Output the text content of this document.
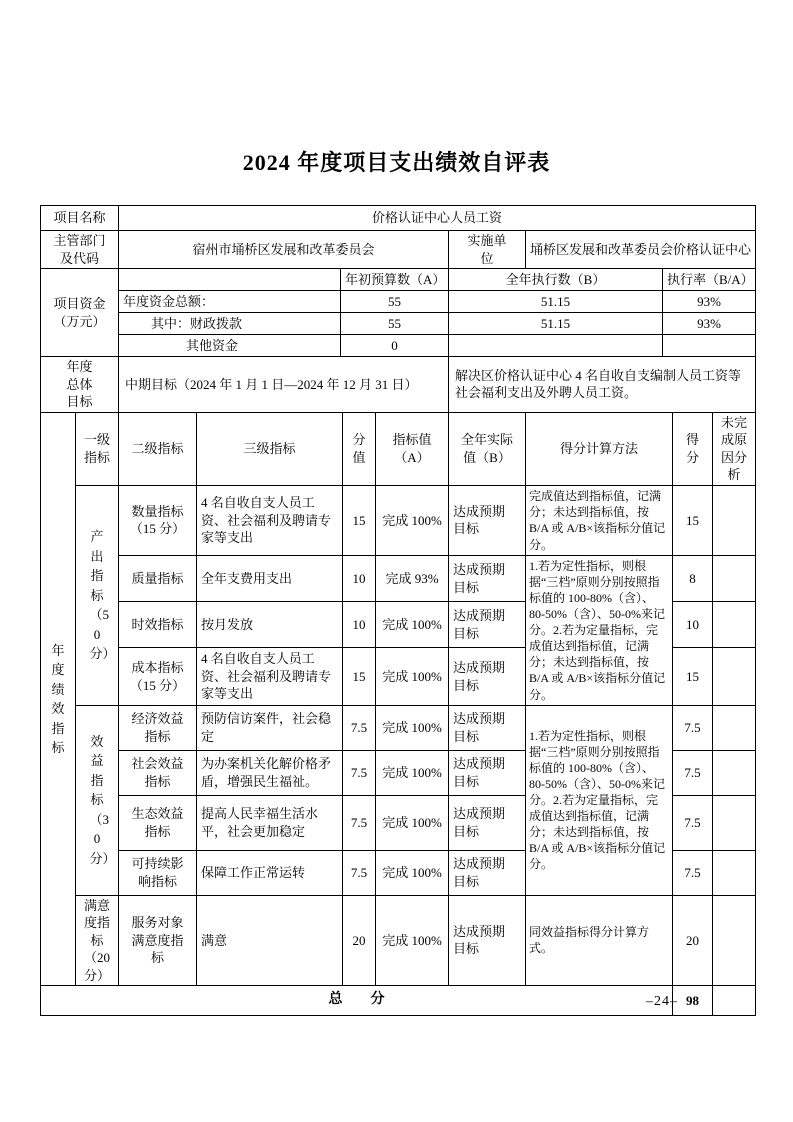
2024 年度项目支出绩效自评表
项目名称	价格认证中心人员工资				

主管部门及代码	宿州市埇桥区发展和改革委员会		实施单位	埇桥区发展和改革委员会价格认证中心	

项目资金（万元）		年初预算数（A）	全年执行数（B）		执行率（B/A）
	年度资金总额：	55	51.15		93%
	其中：财政拨款	55	51.15		93%
	其他资金	0			

年度总体目标	中期目标（2024 年 1 月 1 日—2024 年 12 月 31 日）		解决区价格认证中心 4 名自收自支编制人员工资等社会福利支出及外聘人员工资。		
年度绩效指标	一级指标	二级指标	三级指标	分值	指标值（A）	全年实际值（B）	得分计算方法	得分	未完成原因分析

	产出指标（50分）	数量指标（15 分）	4 名自收自支人员工资、社会福利及聘请专家等支出	15	完成 100%	达成预期目标	完成值达到指标值，记满分；未达到指标值，按 B/A 或 A/B×该指标分值记分。	15	

		质量指标	全年支费用支出	10	完成 93%	达成预期目标	1.若为定性指标，则根据“三档”原则分别按照指标值的 100-80%（含）、80-50%（含）、50-0%来记分。2.若为定量指标，完成值达到指标值，记满分；未达到指标值，按 B/A 或 A/B×该指标分值记分。	8	

		时效指标	按月发放	10	完成 100%	达成预期目标		10	

		成本指标（15 分）	4 名自收自支人员工资、社会福利及聘请专家等支出	15	完成 100%	达成预期目标		15	

	效益指标（30分）	经济效益指标	预防信访案件，社会稳定	7.5	完成 100%	达成预期目标	1.若为定性指标，则根据“三档”原则分别按照指标值的 100-80%（含）、80-50%（含）、50-0%来记分。2.若为定量指标，完成值达到指标值，记满分；未达到指标值，按 B/A 或 A/B×该指标分值记分。	7.5	

		社会效益指标	为办案机关化解价格矛盾，增强民生福祉。	7.5	完成 100%	达成预期目标		7.5	

		生态效益指标	提高人民幸福生活水平，社会更加稳定	7.5	完成 100%	达成预期目标		7.5	

		可持续影响指标	保障工作正常运转	7.5	完成 100%	达成预期目标		7.5	

	满意度指标（20分）	服务对象满意度指标	满意	20	完成 100%	达成预期目标	同效益指标得分计算方式。	20	
总        分								98	
–24–
